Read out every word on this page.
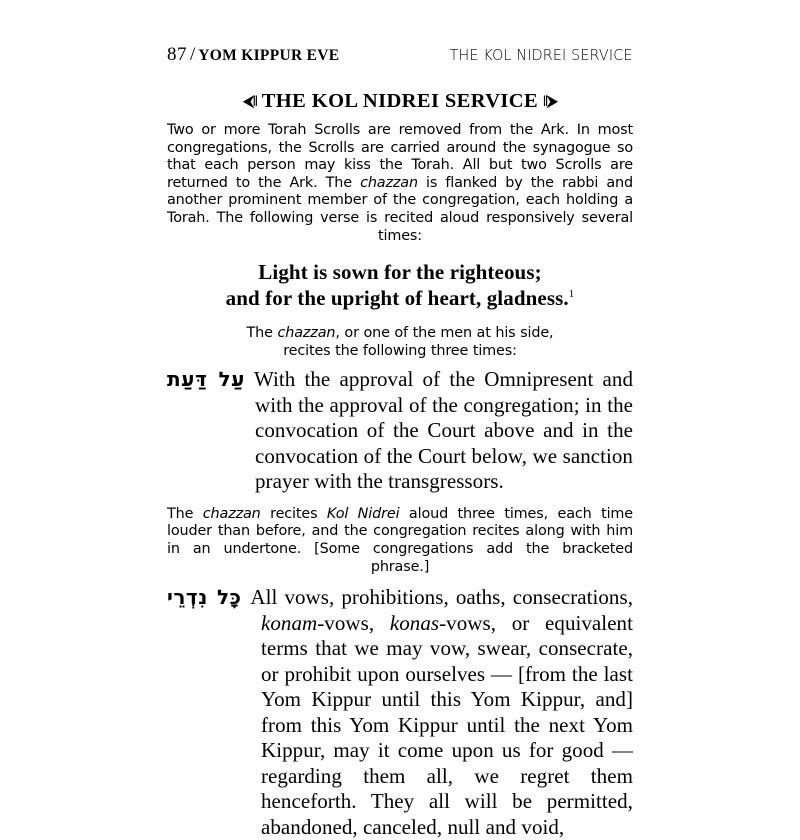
87 / YOM KIPPUR EVE	THE KOL NIDREI SERVICE
⮜‖ THE KOL NIDREI SERVICE ‖⮞

Two or more Torah Scrolls are removed from the Ark. In most congregations, the Scrolls are carried around the synagogue so that each person may kiss the Torah. All but two Scrolls are returned to the Ark. The chazzan is flanked by the rabbi and another prominent member of the congregation, each holding a Torah. The following verse is recited aloud responsively several times:

Light is sown for the righteous;
and for the upright of heart, gladness.$^1$

The chazzan, or one of the men at his side,
recites the following three times:

עַל דַּעַת With the approval of the Omnipresent and with the approval of the congregation; in the convocation of the Court above and in the convocation of the Court below, we sanction prayer with the transgressors.

The chazzan recites Kol Nidrei aloud three times, each time louder than before, and the congregation recites along with him in an undertone. [Some congregations add the bracketed phrase.]

כָּל נִדְרֵי All vows, prohibitions, oaths, consecrations, konam-vows, konas-vows, or equivalent terms that we may vow, swear, consecrate, or prohibit upon ourselves — [from the last Yom Kippur until this Yom Kippur, and] from this Yom Kippur until the next Yom Kippur, may it come upon us for good — regarding them all, we regret them henceforth. They all will be permitted, abandoned, canceled, null and void,
